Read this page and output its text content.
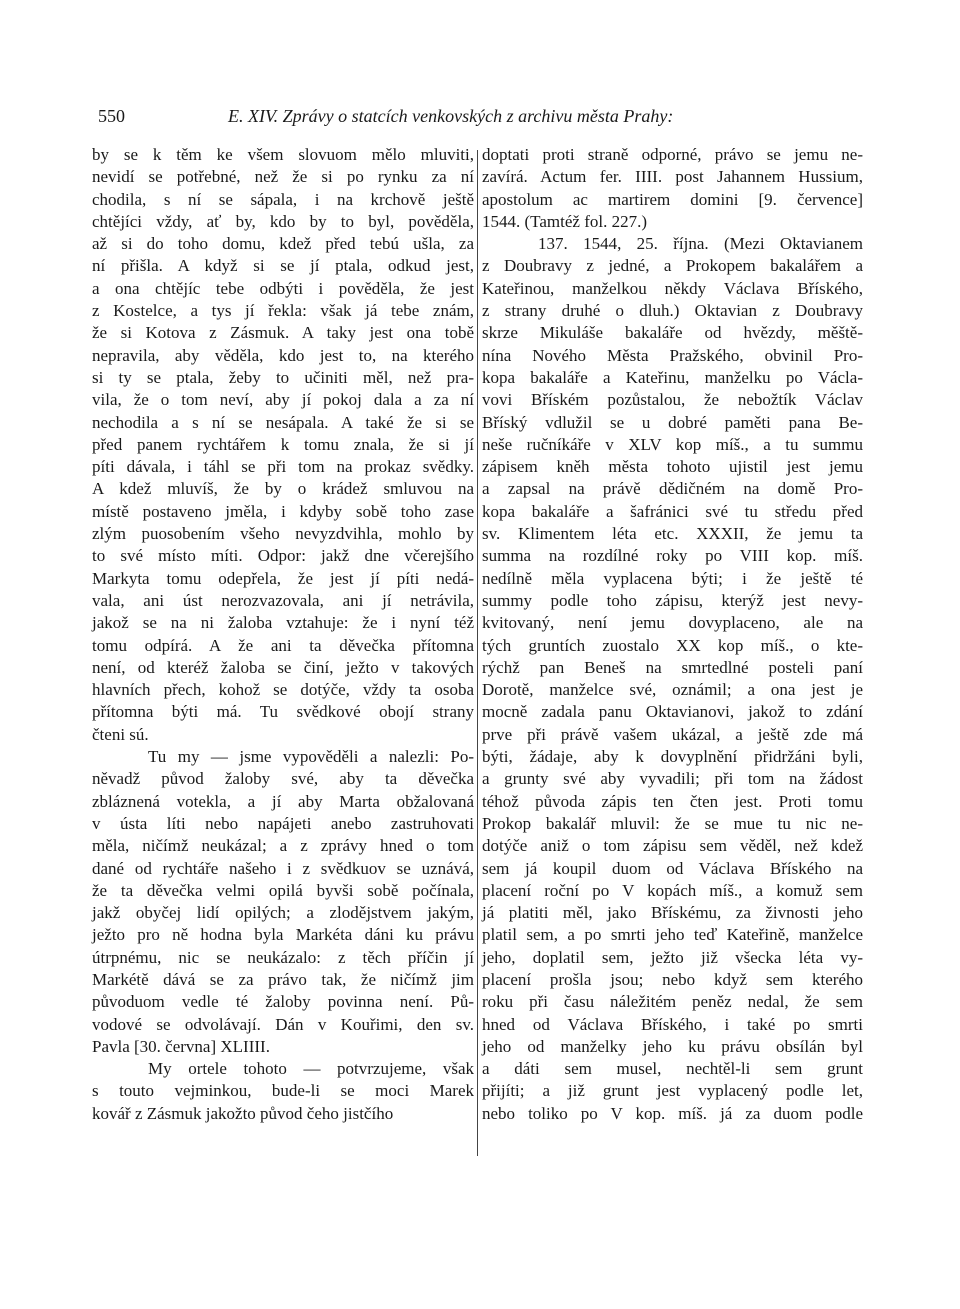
550	E. XIV. Zprávy o statcích venkovských z archivu města Prahy:
by se k těm ke všem slovuom mělo mluviti,
nevidí se potřebné, než že si po rynku za ní
chodila, s ní se sápala, i na krchově ještě
chtějíci vždy, ať by, kdo by to byl, pověděla,
až si do toho domu, kdež před tebú ušla, za
ní přišla. A když si se jí ptala, odkud jest,
a ona chtějíc tebe odbýti i pověděla, že jest
z Kostelce, a tys jí řekla: však já tebe znám,
že si Kotova z Zásmuk. A taky jest ona tobě
nepravila, aby věděla, kdo jest to, na kterého
si ty se ptala, žeby to učiniti měl, než pra-
vila, že o tom neví, aby jí pokoj dala a za ní
nechodila a s ní se nesápala. A také že si se
před panem rychtářem k tomu znala, že si jí
píti dávala, i táhl se při tom na prokaz svědky.
A kdež mluvíš, že by o krádež smluvou na
místě postaveno jměla, i kdyby sobě toho zase
zlým puosobením všeho nevyzdvihla, mohlo by
to své místo míti. Odpor: jakž dne včerejšího
Markyta tomu odepřela, že jest jí píti nedá-
vala, ani úst nerozvazovala, ani jí netrávila,
jakož se na ni žaloba vztahuje: že i nyní též
tomu odpírá. A že ani ta děvečka přítomna
není, od kteréž žaloba se činí, ježto v takových
hlavních přech, kohož se dotýče, vždy ta osoba
přítomna býti má. Tu svědkové obojí strany
čteni sú.
Tu my — jsme vypověděli a nalezli: Po-
něvadž původ žaloby své, aby ta děvečka
zbláznená votekla, a jí aby Marta obžalovaná
v ústa líti nebo napájeti anebo zastruhovati
měla, ničímž neukázal; a z zprávy hned o tom
dané od rychtáře našeho i z svědkuov se uznává,
že ta děvečka velmi opilá byvši sobě počínala,
jakž obyčej lidí opilých; a zlodějstvem jakým,
ježto pro ně hodna byla Markéta dáni ku právu
útrpnému, nic se neukázalo: z těch příčin jí
Markétě dává se za právo tak, že ničímž jim
původuom vedle té žaloby povinna není. Pů-
vodové se odvolávají. Dán v Kouřimi, den sv.
Pavla [30. června] XLIIII.
My ortele tohoto — potvrzujeme, však
s touto vejminkou, bude-li se moci Marek
kovář z Zásmuk jakožto původ čeho jistčího
doptati proti straně odporné, právo se jemu ne-
zavírá. Actum fer. IIII. post Jahannem Hussium,
apostolum ac martirem domini [9. července]
1544. (Tamtéž fol. 227.)
137. 1544, 25. října. (Mezi Oktavianem
z Doubravy z jedné, a Prokopem bakalářem a
Kateřinou, manželkou někdy Václava Bříského,
z strany druhé o dluh.) Oktavian z Doubravy
skrze Mikuláše bakaláře od hvězdy, měště-
nína Nového Města Pražského, obvinil Pro-
kopa bakaláře a Kateřinu, manželku po Václa-
vovi Bříském pozůstalou, že nebožtík Václav
Bříský vdlužil se u dobré paměti pana Be-
neše ručníkáře v XLV kop míš., a tu summu
zápisem kněh města tohoto ujistil jest jemu
a zapsal na právě dědičném na domě Pro-
kopa bakaláře a šafránici své tu středu před
sv. Klimentem léta etc. XXXII, že jemu ta
summa na rozdílné roky po VIII kop. míš.
nedílně měla vyplacena býti; i že ještě té
summy podle toho zápisu, kterýž jest nevy-
kvitovaný, není jemu dovyplaceno, ale na
tých gruntích zuostalo XX kop míš., o kte-
rýchž pan Beneš na smrtedlné posteli paní
Dorotě, manželce své, oznámil; a ona jest je
mocně zadala panu Oktavianovi, jakož to zdání
prve při právě vašem ukázal, a ještě zde má
býti, žádaje, aby k dovyplnění přidržáni byli,
a grunty své aby vyvadili; při tom na žádost
téhož původa zápis ten čten jest. Proti tomu
Prokop bakalář mluvil: že se mue tu nic ne-
dotýče aniž o tom zápisu sem věděl, než kdež
sem já koupil duom od Václava Bříského na
placení roční po V kopách míš., a komuž sem
já platiti měl, jako Břískému, za živnosti jeho
platil sem, a po smrti jeho teď Kateřině, manželce
jeho, doplatil sem, ježto již všecka léta vy-
placení prošla jsou; nebo když sem kterého
roku při času náležitém peněz nedal, že sem
hned od Václava Bříského, i také po smrti
jeho od manželky jeho ku právu obsílán byl
a dáti sem musel, nechtěl-li sem grunt
přijíti; a již grunt jest vyplacený podle let,
nebo toliko po V kop. míš. já za duom podle
